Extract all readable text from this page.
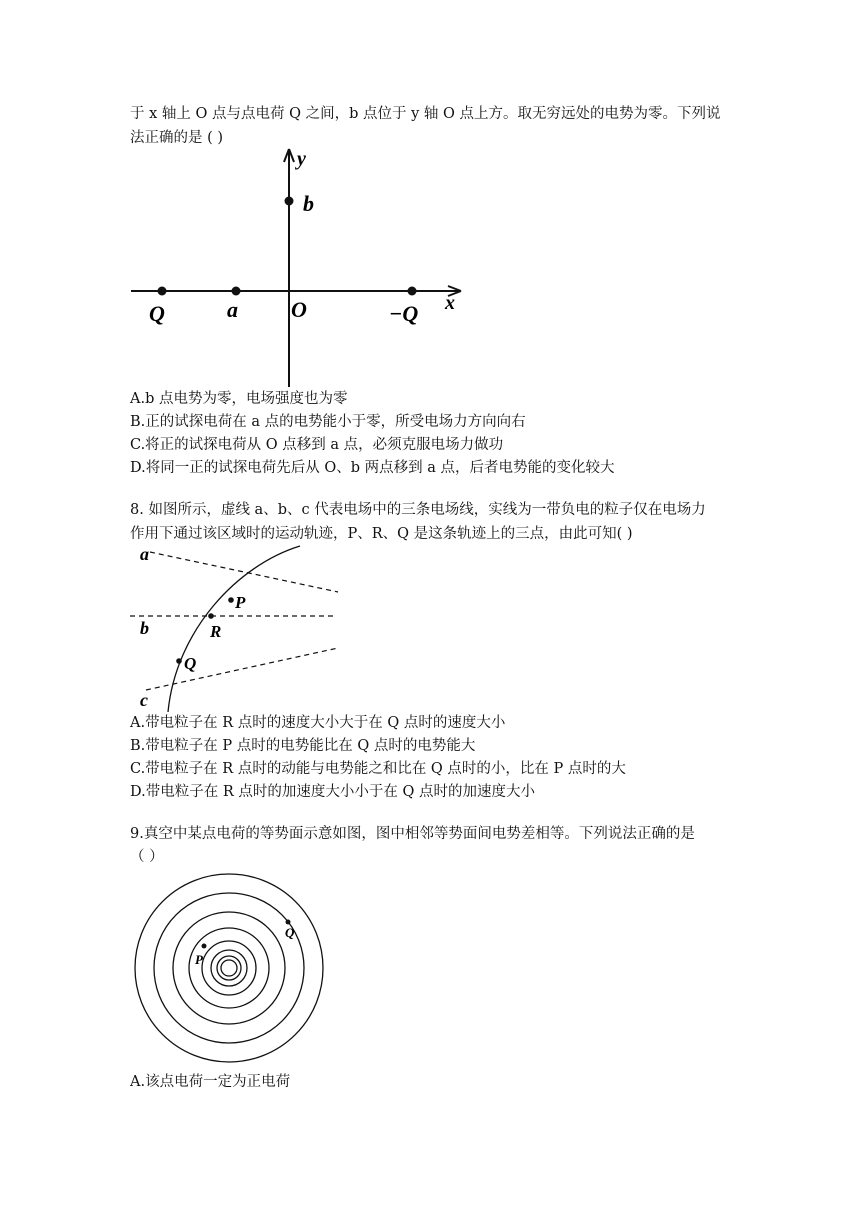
于 x 轴上 O 点与点电荷 Q 之间，b 点位于 y 轴 O 点上方。取无穷远处的电势为零。下列说
法正确的是 ( )
y
b
Q	a O	−Q x
A.b 点电势为零，电场强度也为零
B.正的试探电荷在 a 点的电势能小于零，所受电场力方向向右
C.将正的试探电荷从 O 点移到 a 点，必须克服电场力做功
D.将同一正的试探电荷先后从 O、b 两点移到 a 点，后者电势能的变化较大
8. 如图所示，虚线 a、b、c 代表电场中的三条电场线，实线为一带负电的粒子仅在电场力
作用下通过该区域时的运动轨迹，P、R、Q 是这条轨迹上的三点，由此可知( )
a
b
c
P
R
Q
A.带电粒子在 R 点时的速度大小大于在 Q 点时的速度大小
B.带电粒子在 P 点时的电势能比在 Q 点时的电势能大
C.带电粒子在 R 点时的动能与电势能之和比在 Q 点时的小，比在 P 点时的大
D.带电粒子在 R 点时的加速度大小小于在 Q 点时的加速度大小
9.真空中某点电荷的等势面示意如图，图中相邻等势面间电势差相等。下列说法正确的是
（ ）
P
Q
A.该点电荷一定为正电荷
